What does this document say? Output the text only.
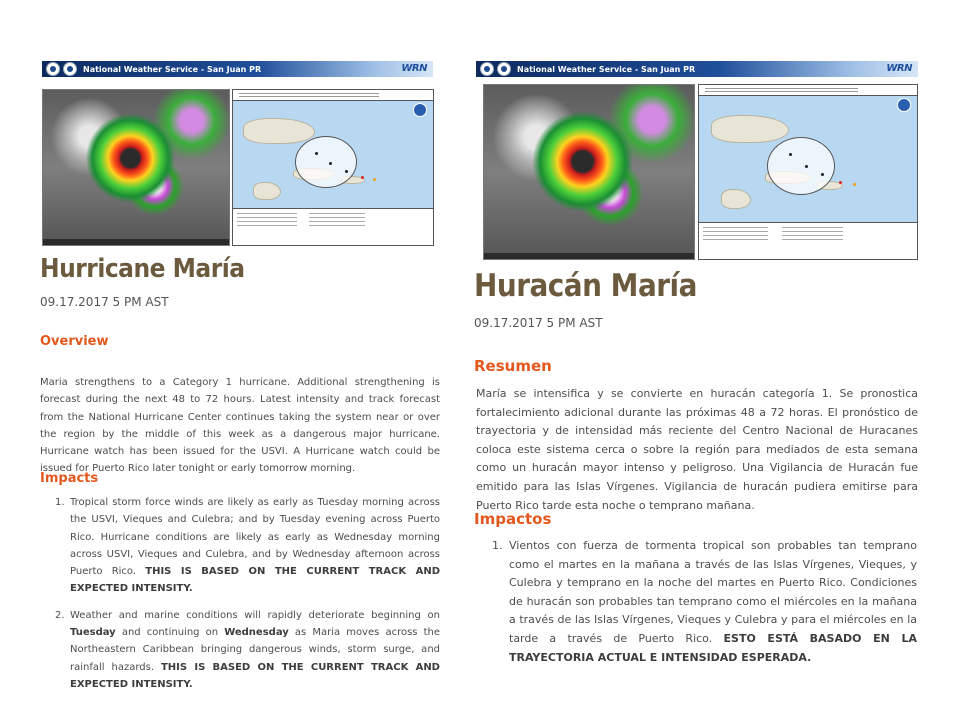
National Weather Service - San Juan PR	WRN
Hurricane María
09.17.2017 5 PM AST
Overview

Maria strengthens to a Category 1 hurricane. Additional strengthening is forecast during the next 48 to 72 hours. Latest intensity and track forecast from the National Hurricane Center continues taking the system near or over the region by the middle of this week as a dangerous major hurricane. Hurricane watch has been issued for the USVI. A Hurricane watch could be issued for Puerto Rico later tonight or early tomorrow morning.

Impacts
1. Tropical storm force winds are likely as early as Tuesday morning across the USVI, Vieques and Culebra; and by Tuesday evening across Puerto Rico. Hurricane conditions are likely as early as Wednesday morning across USVI, Vieques and Culebra, and by Wednesday afternoon across Puerto Rico. THIS IS BASED ON THE CURRENT TRACK AND EXPECTED INTENSITY.
2. Weather and marine conditions will rapidly deteriorate beginning on Tuesday and continuing on Wednesday as Maria moves across the Northeastern Caribbean bringing dangerous winds, storm surge, and rainfall hazards. THIS IS BASED ON THE CURRENT TRACK AND EXPECTED INTENSITY.
National Weather Service - San Juan PR	WRN
Huracán María
09.17.2017 5 PM AST
Resumen

María se intensifica y se convierte en huracán categoría 1. Se pronostica fortalecimiento adicional durante las próximas 48 a 72 horas. El pronóstico de trayectoria y de intensidad más reciente del Centro Nacional de Huracanes coloca este sistema cerca o sobre la región para mediados de esta semana como un huracán mayor intenso y peligroso. Una Vigilancia de Huracán fue emitido para las Islas Vírgenes. Vigilancia de huracán pudiera emitirse para Puerto Rico tarde esta noche o temprano mañana.

Impactos
1. Vientos con fuerza de tormenta tropical son probables tan temprano como el martes en la mañana a través de las Islas Vírgenes, Vieques, y Culebra y temprano en la noche del martes en Puerto Rico. Condiciones de huracán son probables tan temprano como el miércoles en la mañana a través de las Islas Vírgenes, Vieques y Culebra y para el miércoles en la tarde a través de Puerto Rico. ESTO ESTÁ BASADO EN LA TRAYECTORIA ACTUAL E INTENSIDAD ESPERADA.
